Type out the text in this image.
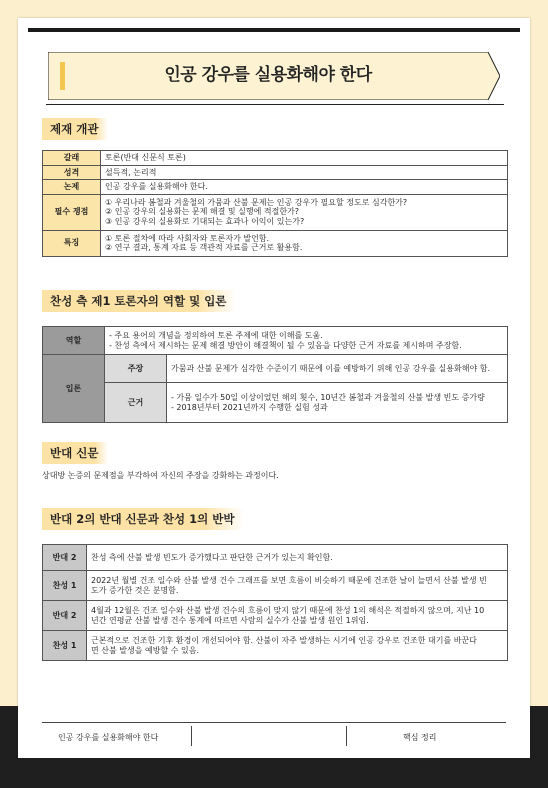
인공 강우를 실용화해야 한다
제재 개관
갈래	토론(반대 신문식 토론)

성격	설득적, 논리적

논제	인공 강우를 실용화해야 한다.

필수 쟁점	① 우리나라 봄철과 겨울철의 가뭄과 산불 문제는 인공 강우가 필요할 정도로 심각한가?
② 인공 강우의 실용화는 문제 해결 및 실행에 적절한가?
③ 인공 강우의 실용화로 기대되는 효과나 이익이 있는가?

특징	① 토론 절차에 따라 사회자와 토론자가 발언함.
② 연구 결과, 통계 자료 등 객관적 자료를 근거로 활용함.
찬성 측 제1 토론자의 역할 및 입론
역할	- 주요 용어의 개념을 정의하여 토론 주제에 대한 이해를 도움.
- 찬성 측에서 제시하는 문제 해결 방안이 해결책이 될 수 있음을 다양한 근거 자료를 제시하며 주장함.	

입론	주장	가뭄과 산불 문제가 심각한 수준이기 때문에 이를 예방하기 위해 인공 강우를 실용화해야 함.
	근거	- 가뭄 일수가 50일 이상이었던 해의 횟수, 10년간 봄철과 겨울철의 산불 발생 빈도 증가량
- 2018년부터 2021년까지 수행한 실험 성과
반대 신문
상대방 논증의 문제점을 부각하여 자신의 주장을 강화하는 과정이다.
반대 2의 반대 신문과 찬성 1의 반박
반대 2	찬성 측에 산불 발생 빈도가 증가했다고 판단한 근거가 있는지 확인함.

찬성 1	2022년 월별 건조 일수와 산불 발생 건수 그래프를 보면 흐름이 비슷하기 때문에 건조한 날이 늘면서 산불 발생 빈
도가 증가한 것은 분명함.

반대 2	4월과 12월은 건조 일수와 산불 발생 건수의 흐름이 맞지 않기 때문에 찬성 1의 해석은 적절하지 않으며, 지난 10
년간 연평균 산불 발생 건수 통계에 따르면 사람의 실수가 산불 발생 원인 1위임.

찬성 1	근본적으로 건조한 기후 환경이 개선되어야 함. 산불이 자주 발생하는 시기에 인공 강우로 건조한 대기를 바꾼다
면 산불 발생을 예방할 수 있음.
인공 강우를 실용화해야 한다	핵심 정리
